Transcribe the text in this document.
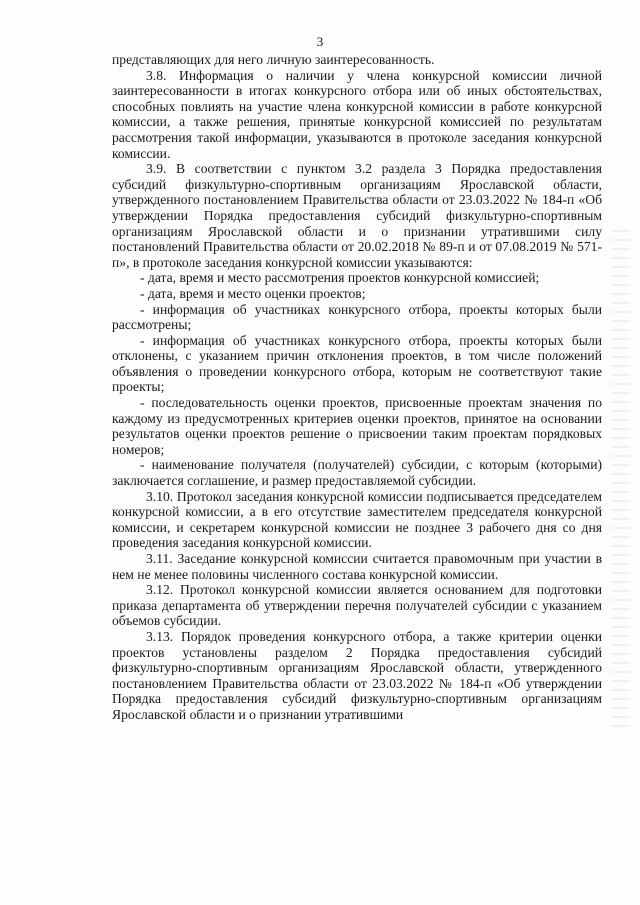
3

представляющих для него личную заинтересованность.

3.8. Информация о наличии у члена конкурсной комиссии личной заинтересованности в итогах конкурсного отбора или об иных обстоятельствах, способных повлиять на участие члена конкурсной комиссии в работе конкурсной комиссии, а также решения, принятые конкурсной комиссией по результатам рассмотрения такой информации, указываются в протоколе заседания конкурсной комиссии.

3.9. В соответствии с пунктом 3.2 раздела 3 Порядка предоставления субсидий физкультурно-спортивным организациям Ярославской области, утвержденного постановлением Правительства области от 23.03.2022 № 184-п «Об утверждении Порядка предоставления субсидий физкультурно-спортивным организациям Ярославской области и о признании утратившими силу постановлений Правительства области от 20.02.2018 № 89-п и от 07.08.2019 № 571-п», в протоколе заседания конкурсной комиссии указываются:

- дата, время и место рассмотрения проектов конкурсной комиссией;

- дата, время и место оценки проектов;

- информация об участниках конкурсного отбора, проекты которых были рассмотрены;

- информация об участниках конкурсного отбора, проекты которых были отклонены, с указанием причин отклонения проектов, в том числе положений объявления о проведении конкурсного отбора, которым не соответствуют такие проекты;

- последовательность оценки проектов, присвоенные проектам значения по каждому из предусмотренных критериев оценки проектов, принятое на основании результатов оценки проектов решение о присвоении таким проектам порядковых номеров;

- наименование получателя (получателей) субсидии, с которым (которыми) заключается соглашение, и размер предоставляемой субсидии.

3.10. Протокол заседания конкурсной комиссии подписывается председателем конкурсной комиссии, а в его отсутствие заместителем председателя конкурсной комиссии, и секретарем конкурсной комиссии не позднее 3 рабочего дня со дня проведения заседания конкурсной комиссии.

3.11. Заседание конкурсной комиссии считается правомочным при участии в нем не менее половины численного состава конкурсной комиссии.

3.12. Протокол конкурсной комиссии является основанием для подготовки приказа департамента об утверждении перечня получателей субсидии с указанием объемов субсидии.

3.13. Порядок проведения конкурсного отбора, а также критерии оценки проектов установлены разделом 2 Порядка предоставления субсидий физкультурно-спортивным организациям Ярославской области, утвержденного постановлением Правительства области от 23.03.2022 № 184-п «Об утверждении Порядка предоставления субсидий физкультурно-спортивным организациям Ярославской области и о признании утратившими
